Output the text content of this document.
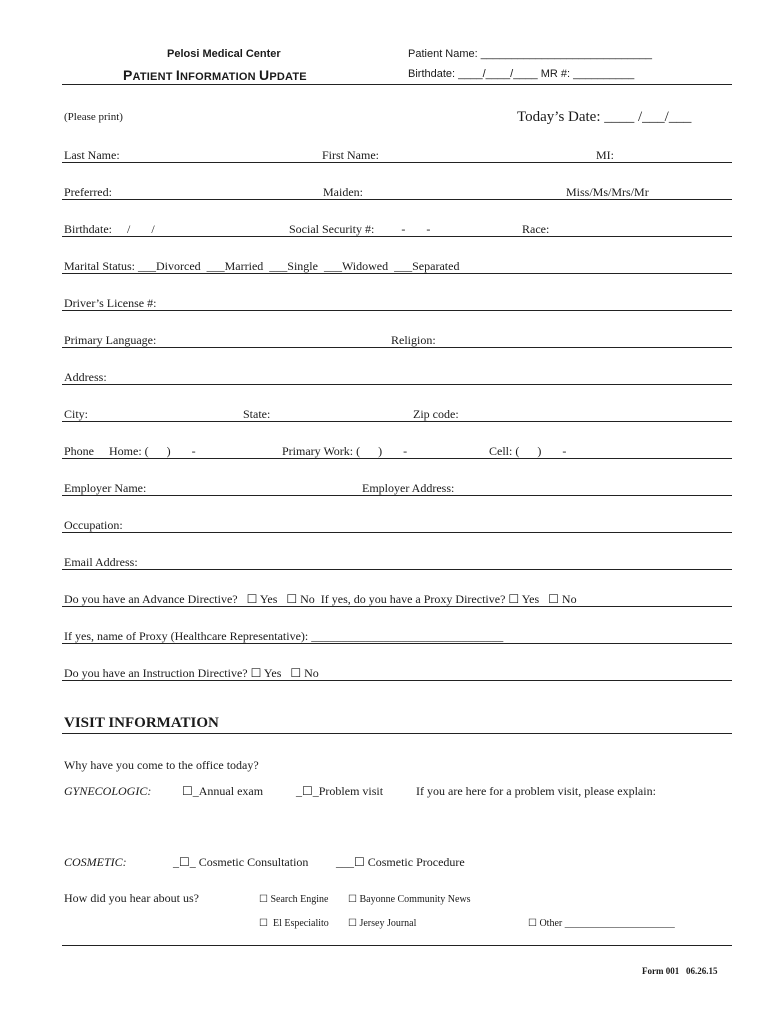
Pelosi Medical Center
PATIENT INFORMATION UPDATE
Patient Name: ____________________________
Birthdate: ____/____/____ MR #: __________
(Please print)	Today’s Date: ____ /___/___
Last Name:	First Name:	MI:
Preferred:	Maiden:	Miss/Ms/Mrs/Mr
Birthdate:     /       /	Social Security #:         -       -	Race:
Marital Status: ___Divorced  ___Married  ___Single  ___Widowed  ___Separated
Driver’s License #:
Primary Language:	Religion:
Address:
City:	State:	Zip code:
Phone     Home: (      )       -	Primary Work: (      )       -	Cell: (      )       -
Employer Name:	Employer Address:
Occupation:
Email Address:
Do you have an Advance Directive?   ☐ Yes   ☐ No  If yes, do you have a Proxy Directive? ☐ Yes   ☐ No
If yes, name of Proxy (Healthcare Representative): ________________________________
Do you have an Instruction Directive? ☐ Yes   ☐ No
VISIT INFORMATION
Why have you come to the office today?
GYNECOLOGIC:	☐_Annual exam	_☐_Problem visit	If you are here for a problem visit, please explain:
COSMETIC:	_☐_ Cosmetic Consultation ___☐ Cosmetic Procedure
How did you hear about us?	☐ Search Engine ☐ Bayonne Community News
☐  El Especialito ☐ Jersey Journal	☐ Other ______________________
Form 001   06.26.15
